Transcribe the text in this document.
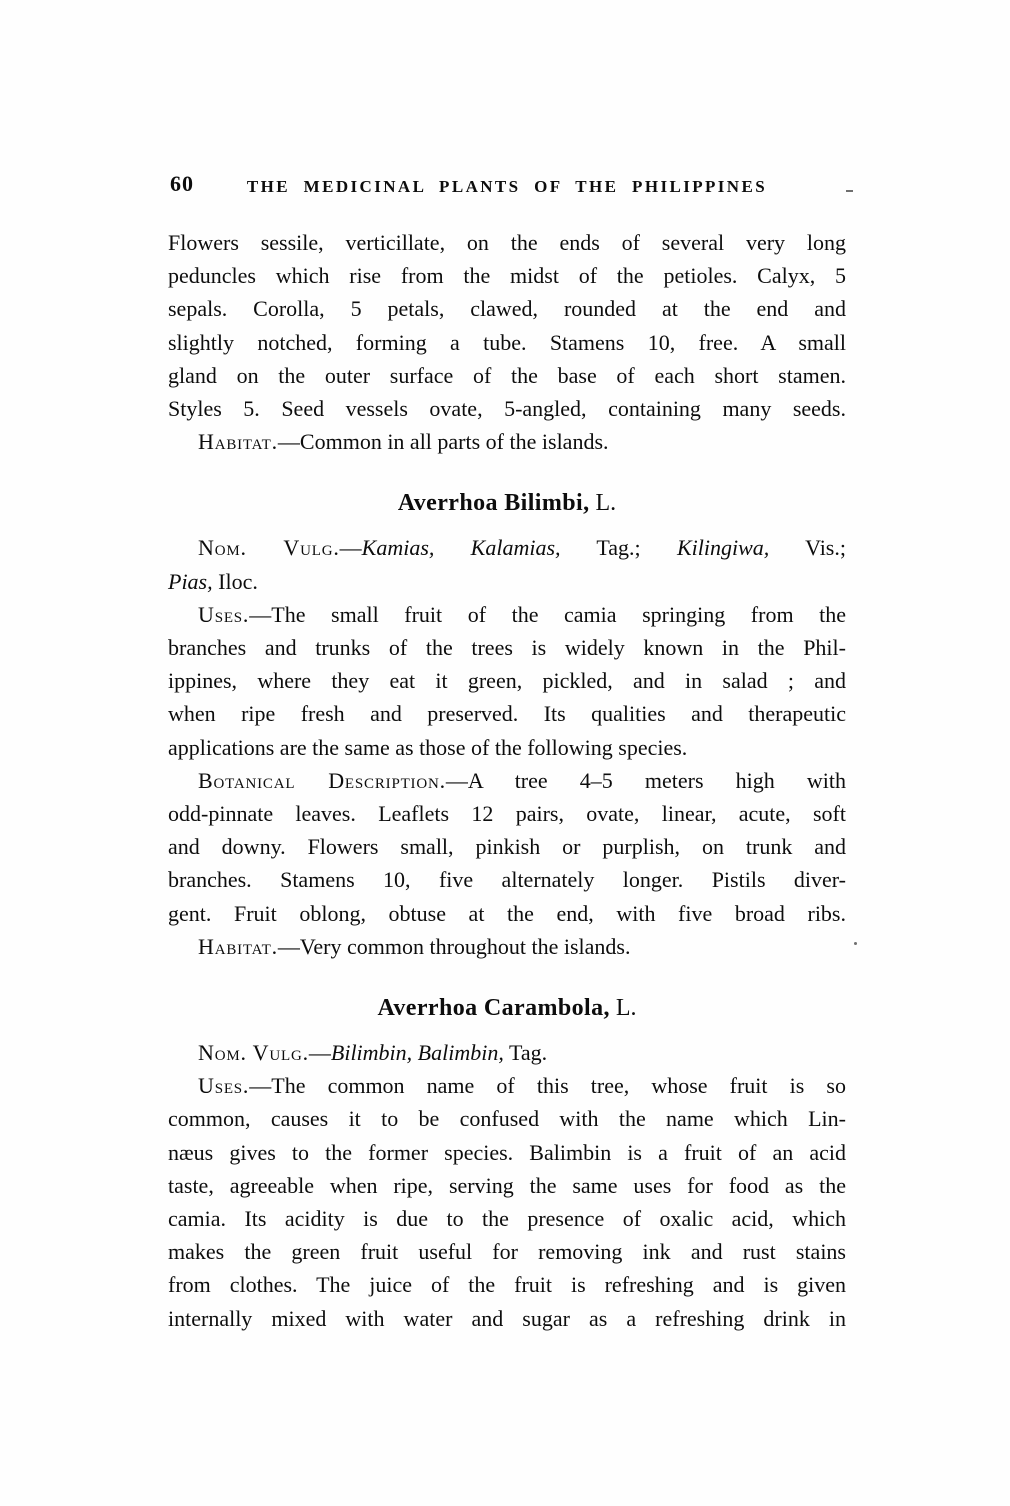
60	THE MEDICINAL PLANTS OF THE PHILIPPINES
Flowers sessile, verticillate, on the ends of several very long
peduncles which rise from the midst of the petioles. Calyx, 5
sepals. Corolla, 5 petals, clawed, rounded at the end and
slightly notched, forming a tube. Stamens 10, free. A small
gland on the outer surface of the base of each short stamen.
Styles 5. Seed vessels ovate, 5-angled, containing many seeds.
Habitat.—Common in all parts of the islands.
Averrhoa Bilimbi, L.
Nom. Vulg.—Kamias, Kalamias, Tag.; Kilingiwa, Vis.;
Pias, Iloc.
Uses.—The small fruit of the camia springing from the
branches and trunks of the trees is widely known in the Phil-
ippines, where they eat it green, pickled, and in salad ; and
when ripe fresh and preserved. Its qualities and therapeutic
applications are the same as those of the following species.
Botanical Description.—A tree 4–5 meters high with
odd-pinnate leaves. Leaflets 12 pairs, ovate, linear, acute, soft
and downy. Flowers small, pinkish or purplish, on trunk and
branches. Stamens 10, five alternately longer. Pistils diver-
gent. Fruit oblong, obtuse at the end, with five broad ribs.
Habitat.—Very common throughout the islands.
Averrhoa Carambola, L.
Nom. Vulg.—Bilimbin, Balimbin, Tag.
Uses.—The common name of this tree, whose fruit is so
common, causes it to be confused with the name which Lin-
næus gives to the former species. Balimbin is a fruit of an acid
taste, agreeable when ripe, serving the same uses for food as the
camia. Its acidity is due to the presence of oxalic acid, which
makes the green fruit useful for removing ink and rust stains
from clothes. The juice of the fruit is refreshing and is given
internally mixed with water and sugar as a refreshing drink in
